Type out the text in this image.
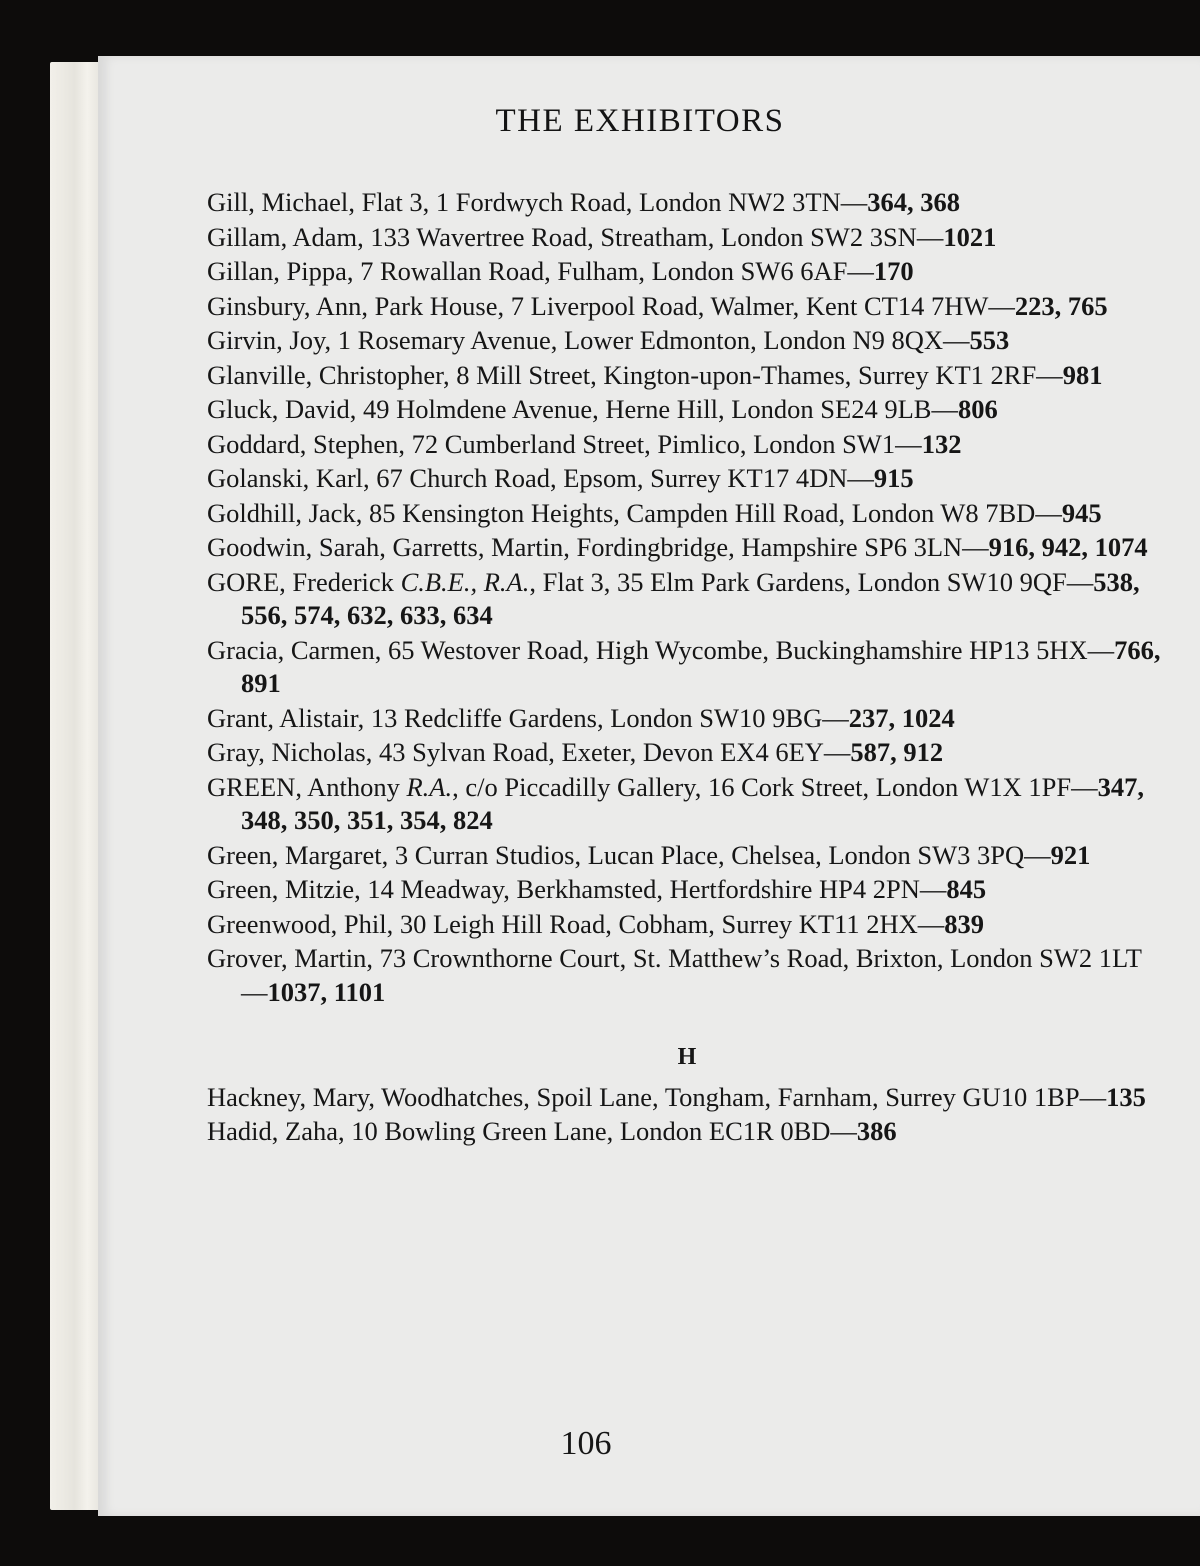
THE EXHIBITORS
Gill, Michael, Flat 3, 1 Fordwych Road, London NW2 3TN—364, 368
Gillam, Adam, 133 Wavertree Road, Streatham, London SW2 3SN—1021
Gillan, Pippa, 7 Rowallan Road, Fulham, London SW6 6AF—170
Ginsbury, Ann, Park House, 7 Liverpool Road, Walmer, Kent CT14 7HW—223, 765
Girvin, Joy, 1 Rosemary Avenue, Lower Edmonton, London N9 8QX—553
Glanville, Christopher, 8 Mill Street, Kington-upon-Thames, Surrey KT1 2RF—981
Gluck, David, 49 Holmdene Avenue, Herne Hill, London SE24 9LB—806
Goddard, Stephen, 72 Cumberland Street, Pimlico, London SW1—132
Golanski, Karl, 67 Church Road, Epsom, Surrey KT17 4DN—915
Goldhill, Jack, 85 Kensington Heights, Campden Hill Road, London W8 7BD—945
Goodwin, Sarah, Garretts, Martin, Fordingbridge, Hampshire SP6 3LN—916, 942, 1074
GORE, Frederick C.B.E., R.A., Flat 3, 35 Elm Park Gardens, London SW10 9QF—538, 556, 574, 632, 633, 634
Gracia, Carmen, 65 Westover Road, High Wycombe, Buckinghamshire HP13 5HX—766, 891
Grant, Alistair, 13 Redcliffe Gardens, London SW10 9BG—237, 1024
Gray, Nicholas, 43 Sylvan Road, Exeter, Devon EX4 6EY—587, 912
GREEN, Anthony R.A., c/o Piccadilly Gallery, 16 Cork Street, London W1X 1PF—347, 348, 350, 351, 354, 824
Green, Margaret, 3 Curran Studios, Lucan Place, Chelsea, London SW3 3PQ—921
Green, Mitzie, 14 Meadway, Berkhamsted, Hertfordshire HP4 2PN—845
Greenwood, Phil, 30 Leigh Hill Road, Cobham, Surrey KT11 2HX—839
Grover, Martin, 73 Crownthorne Court, St. Matthew’s Road, Brixton, London SW2 1LT—1037, 1101
H
Hackney, Mary, Woodhatches, Spoil Lane, Tongham, Farnham, Surrey GU10 1BP—135
Hadid, Zaha, 10 Bowling Green Lane, London EC1R 0BD—386
106
